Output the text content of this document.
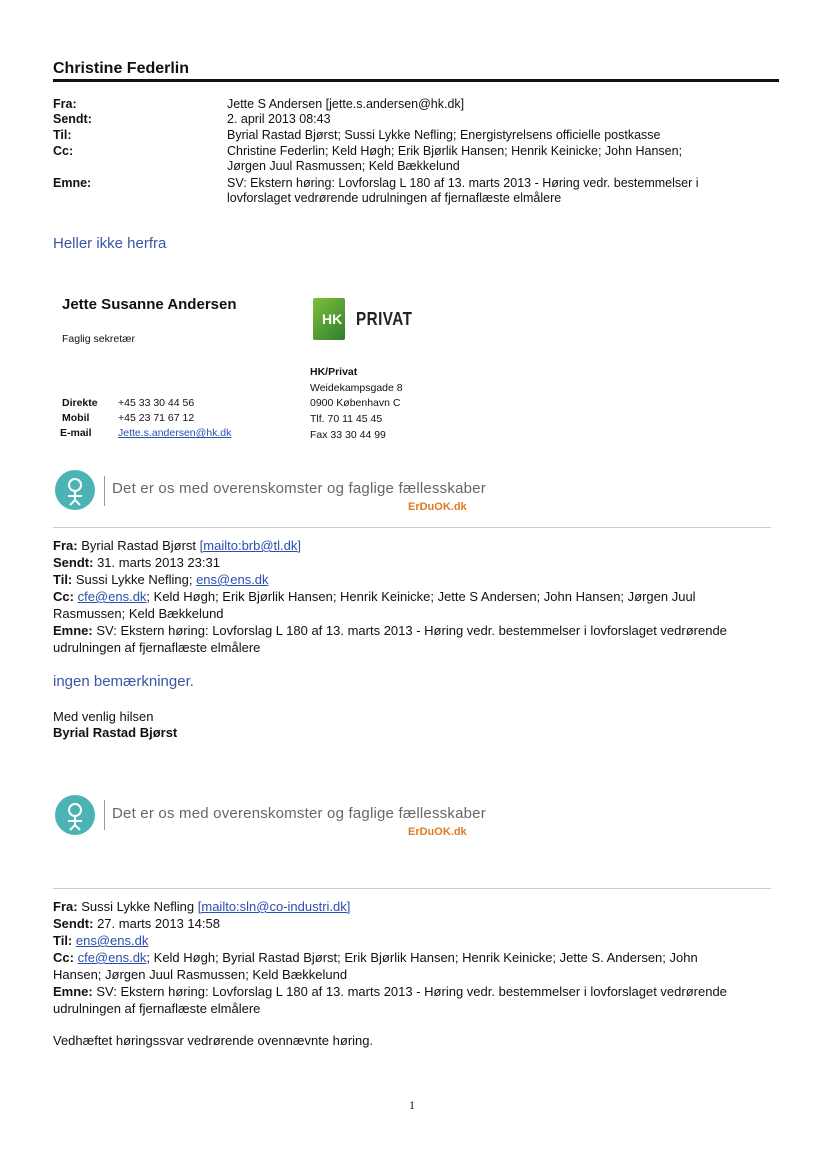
Christine Federlin
Fra:	Jette S Andersen [jette.s.andersen@hk.dk]
Sendt:	2. april 2013 08:43
Til:	Byrial Rastad Bjørst; Sussi Lykke Nefling; Energistyrelsens officielle postkasse
Cc:	Christine Federlin; Keld Høgh; Erik Bjørlik Hansen; Henrik Keinicke; John Hansen;
Jørgen Juul Rasmussen; Keld Bækkelund
Emne:	SV: Ekstern høring: Lovforslag L 180 af 13. marts 2013 - Høring vedr. bestemmelser i
lovforslaget vedrørende udrulningen af fjernaflæste elmålere
Heller ikke herfra
Jette Susanne Andersen
Faglig sekretær
HK PRIVAT
HK/Privat
Weidekampsgade 8
0900 København C
Tlf. 70 11 45 45
Fax 33 30 44 99
Direkte +45 33 30 44 56
Mobil	+45 23 71 67 12
E-mail	Jette.s.andersen@hk.dk
Det er os med overenskomster og faglige fællesskaber
ErDuOK.dk
Fra: Byrial Rastad Bjørst [mailto:brb@tl.dk]
Sendt: 31. marts 2013 23:31
Til: Sussi Lykke Nefling; ens@ens.dk
Cc: cfe@ens.dk; Keld Høgh; Erik Bjørlik Hansen; Henrik Keinicke; Jette S Andersen; John Hansen; Jørgen Juul
Rasmussen; Keld Bækkelund
Emne: SV: Ekstern høring: Lovforslag L 180 af 13. marts 2013 - Høring vedr. bestemmelser i lovforslaget vedrørende
udrulningen af fjernaflæste elmålere
ingen bemærkninger.
Med venlig hilsen
Byrial Rastad Bjørst
Det er os med overenskomster og faglige fællesskaber
ErDuOK.dk
Fra: Sussi Lykke Nefling [mailto:sln@co-industri.dk]
Sendt: 27. marts 2013 14:58
Til: ens@ens.dk
Cc: cfe@ens.dk; Keld Høgh; Byrial Rastad Bjørst; Erik Bjørlik Hansen; Henrik Keinicke; Jette S. Andersen; John
Hansen; Jørgen Juul Rasmussen; Keld Bækkelund
Emne: SV: Ekstern høring: Lovforslag L 180 af 13. marts 2013 - Høring vedr. bestemmelser i lovforslaget vedrørende
udrulningen af fjernaflæste elmålere
Vedhæftet høringssvar vedrørende ovennævnte høring.
1
